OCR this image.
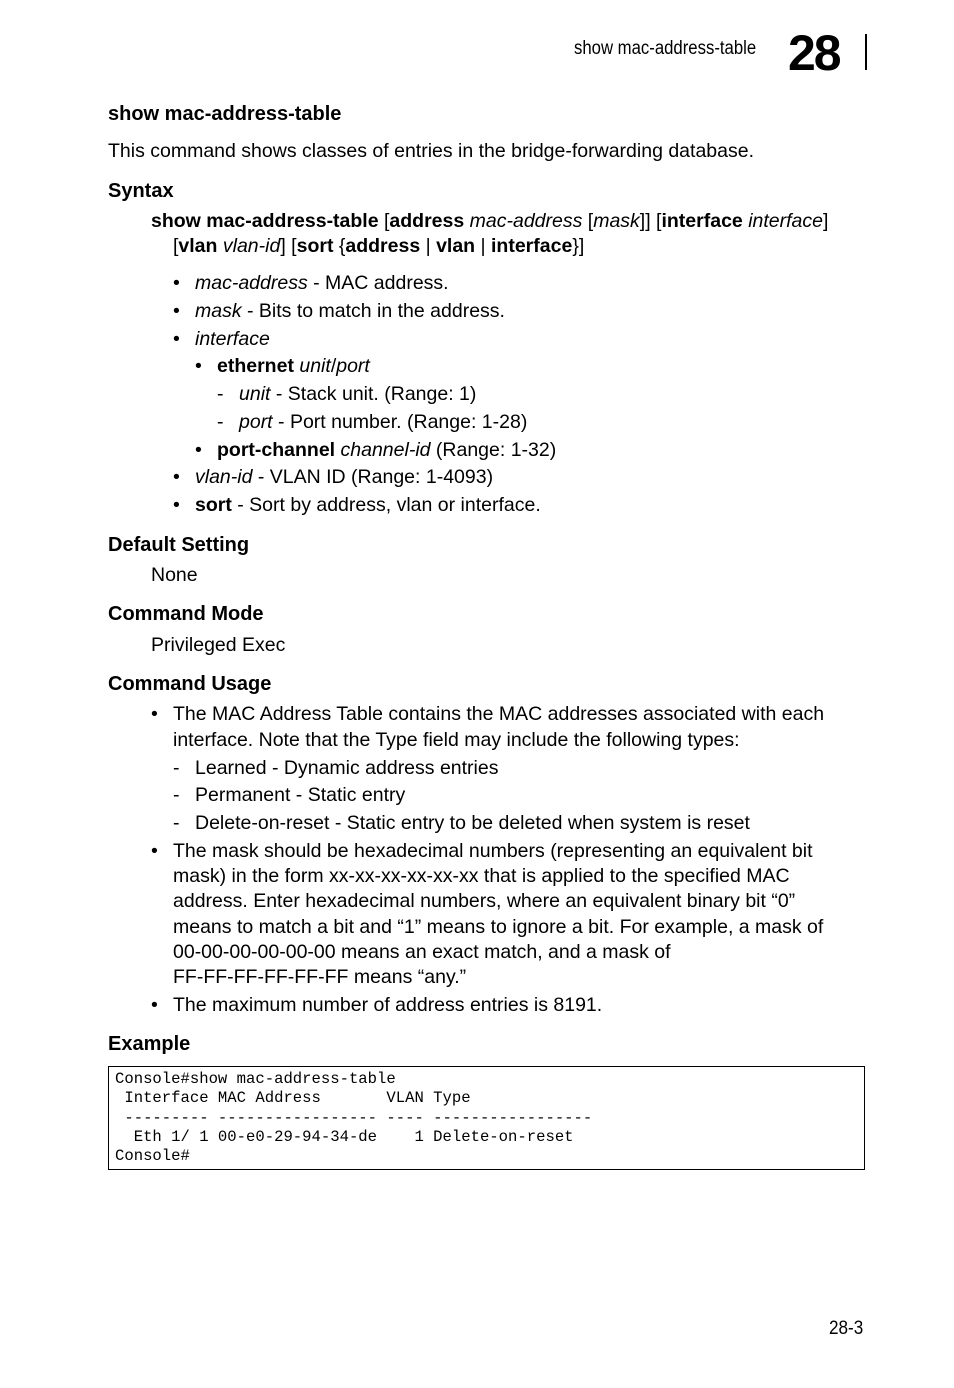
show mac-address-table 28
show mac-address-table
This command shows classes of entries in the bridge-forwarding database.
Syntax
show mac-address-table [address mac-address [mask]] [interface interface]
[vlan vlan-id] [sort {address | vlan | interface}]
• mac-address - MAC address.
• mask - Bits to match in the address.
• interface
• ethernet unit/port
- unit - Stack unit. (Range: 1)
- port - Port number. (Range: 1-28)
• port-channel channel-id (Range: 1-32)
• vlan-id - VLAN ID (Range: 1-4093)
• sort - Sort by address, vlan or interface.
Default Setting
None
Command Mode
Privileged Exec
Command Usage
• The MAC Address Table contains the MAC addresses associated with each
interface. Note that the Type field may include the following types:
- Learned - Dynamic address entries
- Permanent - Static entry
- Delete-on-reset - Static entry to be deleted when system is reset
• The mask should be hexadecimal numbers (representing an equivalent bit
mask) in the form xx-xx-xx-xx-xx-xx that is applied to the specified MAC
address. Enter hexadecimal numbers, where an equivalent binary bit “0”
means to match a bit and “1” means to ignore a bit. For example, a mask of
00-00-00-00-00-00 means an exact match, and a mask of
FF-FF-FF-FF-FF-FF means “any.”
• The maximum number of address entries is 8191.
Example
Console#show mac-address-table
Interface MAC Address       VLAN Type
--------- ----------------- ---- -----------------
Eth 1/ 1 00-e0-29-94-34-de    1 Delete-on-reset
Console#
28-3
